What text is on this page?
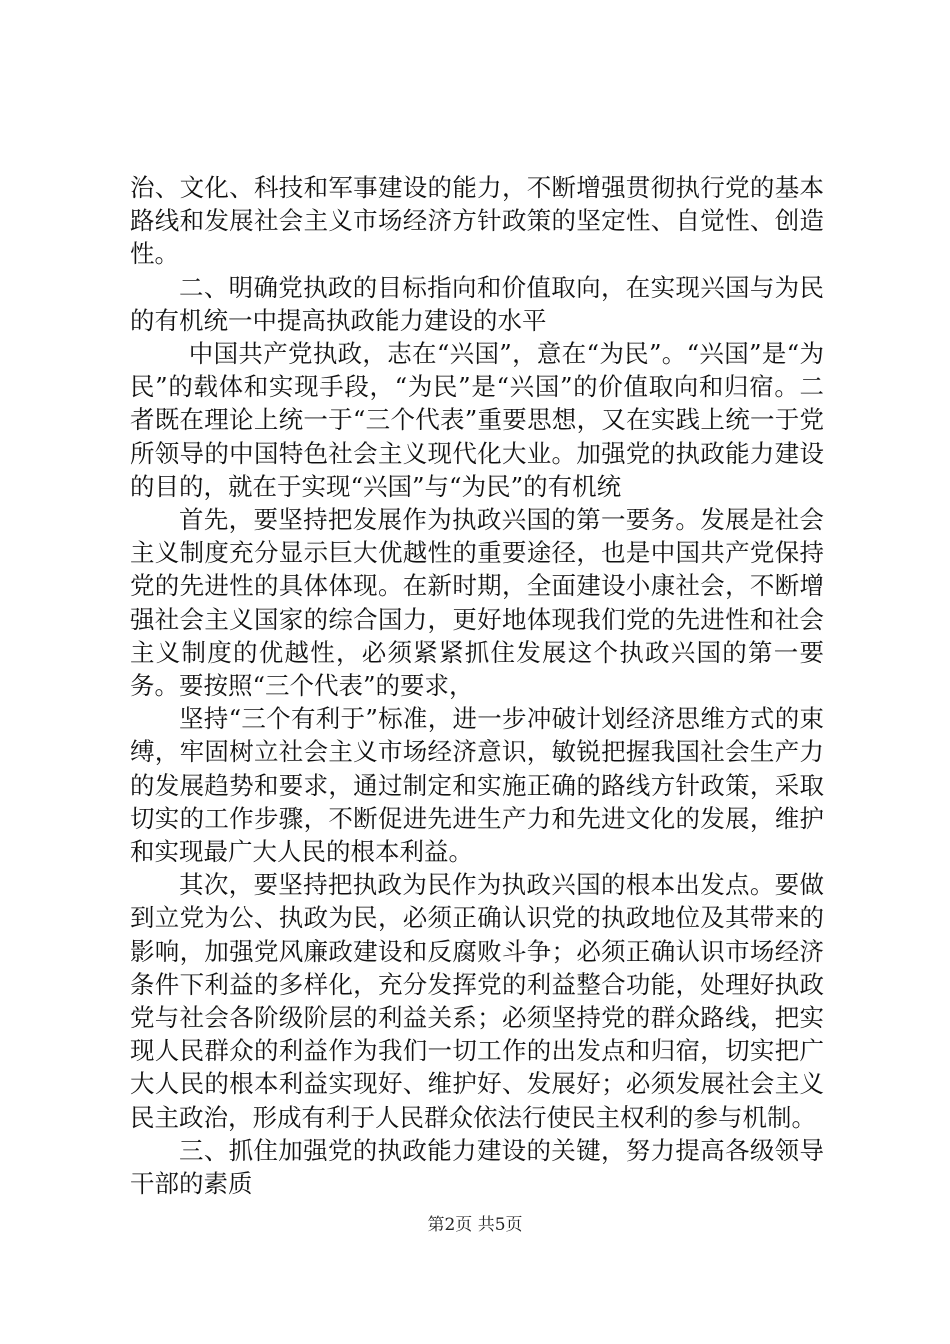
治、文化、科技和军事建设的能力，不断增强贯彻执行党的基本路线和发展社会主义市场经济方针政策的坚定性、自觉性、创造性。

二、明确党执政的目标指向和价值取向，在实现兴国与为民的有机统一中提高执政能力建设的水平

中国共产党执政，志在“兴国”，意在“为民”。“兴国”是“为民”的载体和实现手段，“为民”是“兴国”的价值取向和归宿。二者既在理论上统一于“三个代表”重要思想，又在实践上统一于党所领导的中国特色社会主义现代化大业。加强党的执政能力建设的目的，就在于实现“兴国”与“为民”的有机统

首先，要坚持把发展作为执政兴国的第一要务。发展是社会主义制度充分显示巨大优越性的重要途径，也是中国共产党保持党的先进性的具体体现。在新时期，全面建设小康社会，不断增强社会主义国家的综合国力，更好地体现我们党的先进性和社会主义制度的优越性，必须紧紧抓住发展这个执政兴国的第一要务。要按照“三个代表”的要求，

坚持“三个有利于”标准，进一步冲破计划经济思维方式的束缚，牢固树立社会主义市场经济意识，敏锐把握我国社会生产力的发展趋势和要求，通过制定和实施正确的路线方针政策，采取切实的工作步骤，不断促进先进生产力和先进文化的发展，维护和实现最广大人民的根本利益。

其次，要坚持把执政为民作为执政兴国的根本出发点。要做到立党为公、执政为民，必须正确认识党的执政地位及其带来的影响，加强党风廉政建设和反腐败斗争；必须正确认识市场经济条件下利益的多样化，充分发挥党的利益整合功能，处理好执政党与社会各阶级阶层的利益关系；必须坚持党的群众路线，把实现人民群众的利益作为我们一切工作的出发点和归宿，切实把广大人民的根本利益实现好、维护好、发展好；必须发展社会主义民主政治，形成有利于人民群众依法行使民主权利的参与机制。

三、抓住加强党的执政能力建设的关键，努力提高各级领导干部的素质

第2页 共5页
